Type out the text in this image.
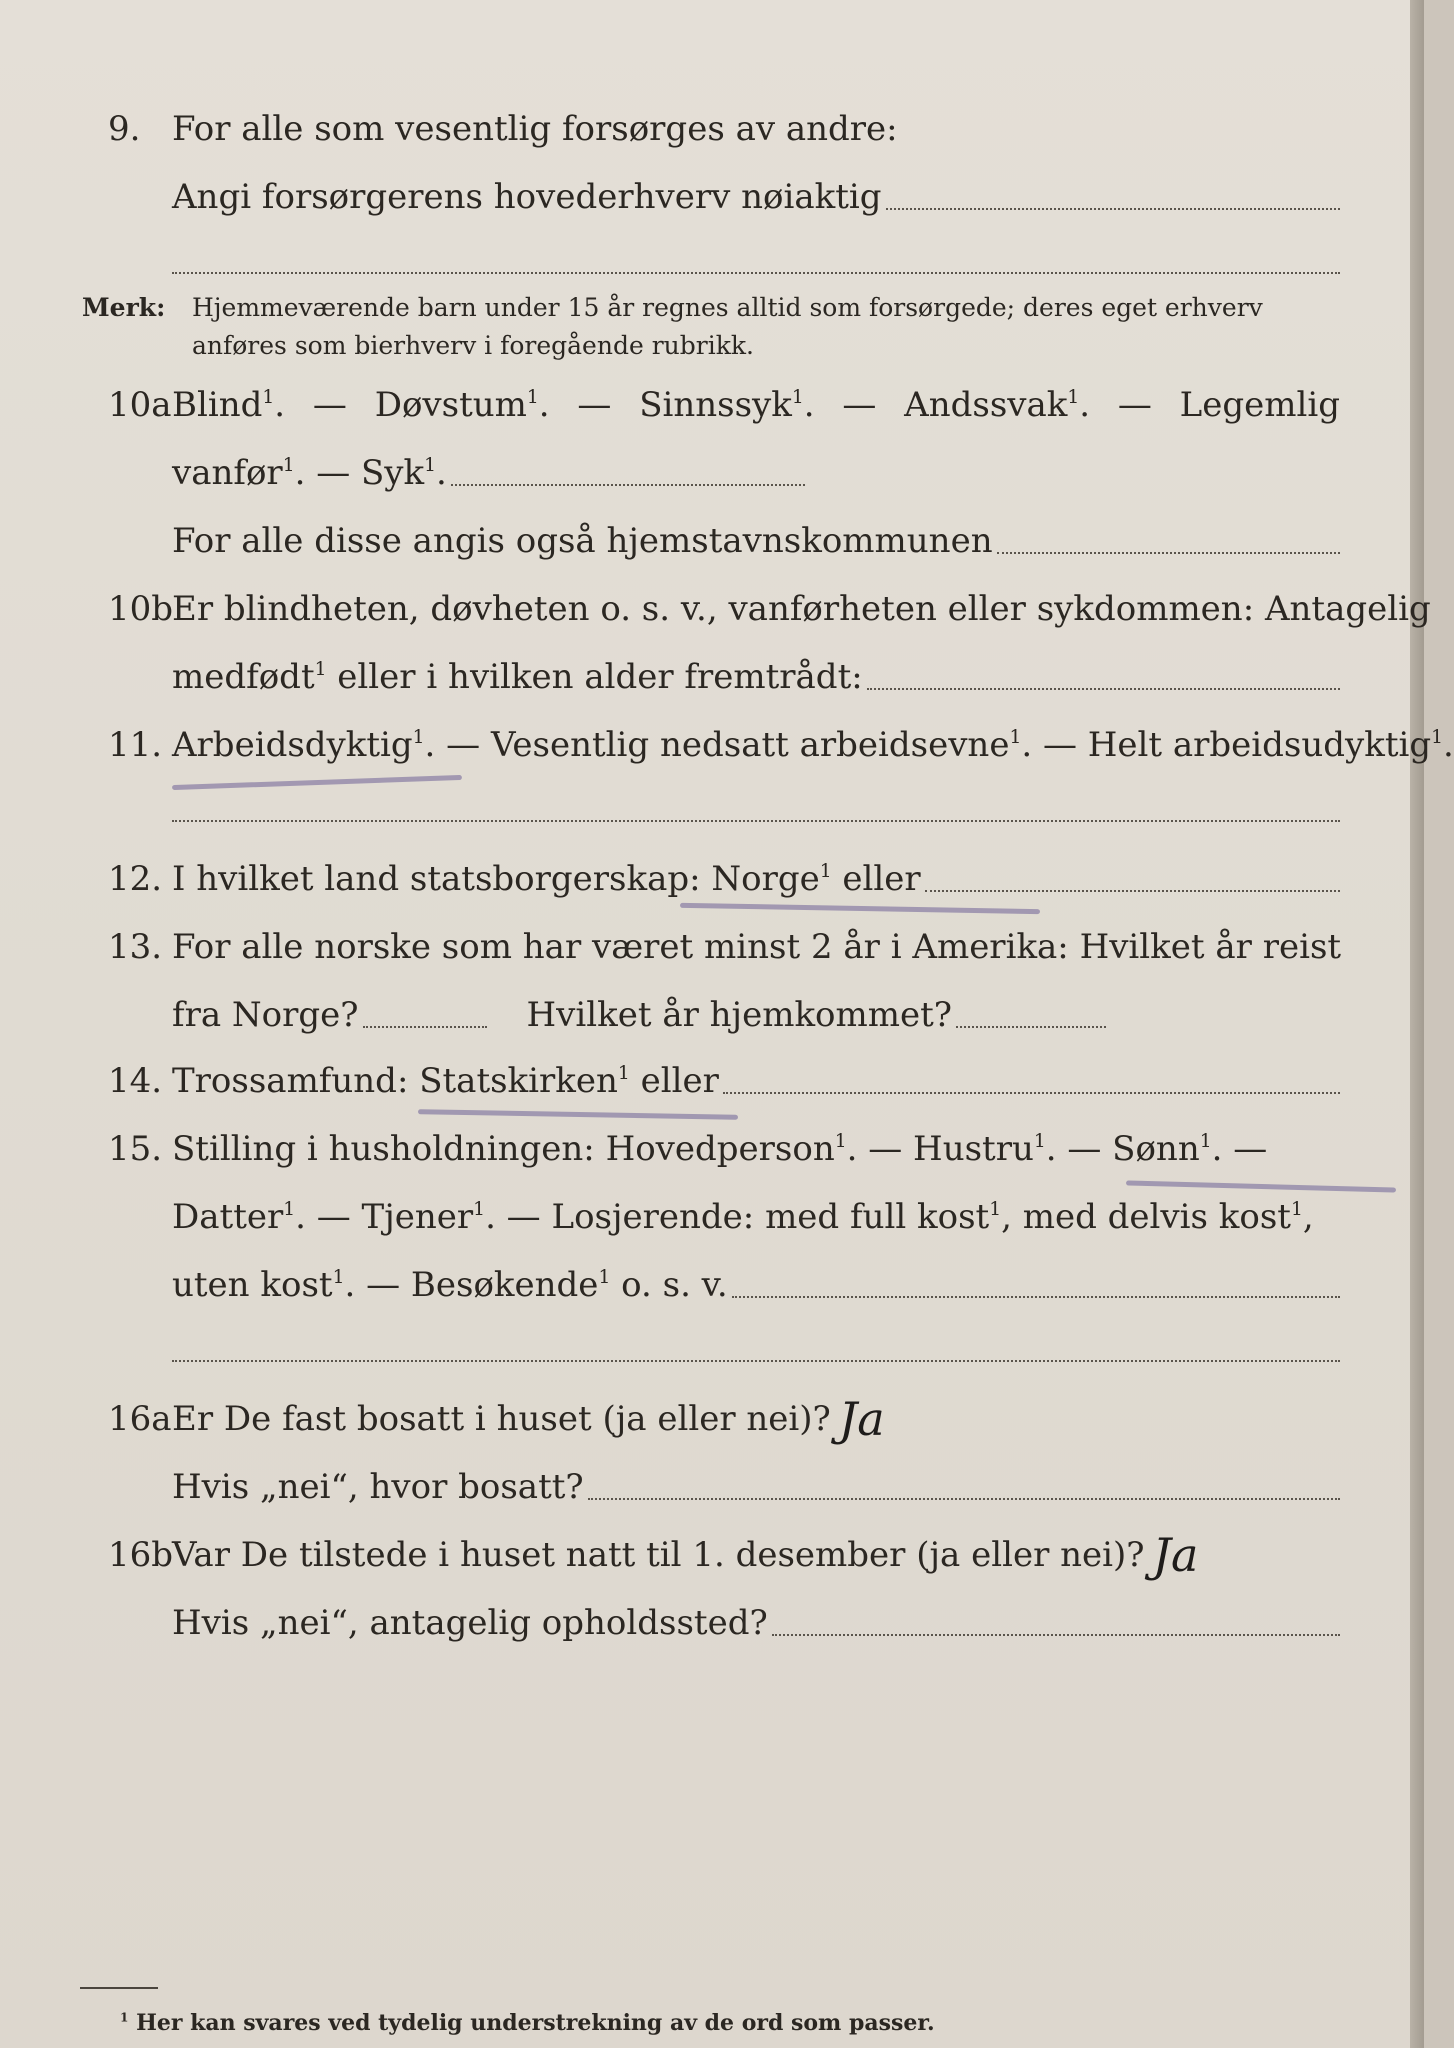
9. For alle som vesentlig forsørges av andre:
Angi forsørgerens hovederhverv nøiaktig
Merk: Hjemmeværende barn under 15 år regnes alltid som forsørgede; deres eget erhverv
anføres som bierhverv i foregående rubrikk.
10a Blind$^1$. — Døvstum$^1$. — Sinnssyk$^1$. — Andssvak$^1$. — Legemlig
vanfør$^1$. — Syk$^1$.
For alle disse angis også hjemstavnskommunen
10b
Er blindheten, døvheten o. s. v., vanførheten eller sykdommen: Antagelig
medfødt$^1$ eller i hvilken alder fremtrådt:
11. Arbeidsdyktig$^1$. — Vesentlig nedsatt arbeidsevne$^1$. — Helt arbeidsudyktig$^1$.
12. I hvilket land statsborgerskap: Norge$^1$ eller
13. For alle norske som har været minst 2 år i Amerika: Hvilket år reist
fra Norge?	Hvilket år hjemkommet?
14. Trossamfund: Statskirken$^1$ eller
15. Stilling i husholdningen: Hovedperson$^1$. — Hustru$^1$. — Sønn$^1$. —
Datter$^1$. — Tjener$^1$. — Losjerende: med full kost$^1$, med delvis kost$^1$,
uten kost$^1$. — Besøkende$^1$ o. s. v.
16a Er De fast bosatt i huset (ja eller nei)? Ja
Hvis „nei“, hvor bosatt?
16b
Var De tilstede i huset natt til 1. desember (ja eller nei)? Ja
Hvis „nei“, antagelig opholdssted?
$^1$ Her kan svares ved tydelig understrekning av de ord som passer.
